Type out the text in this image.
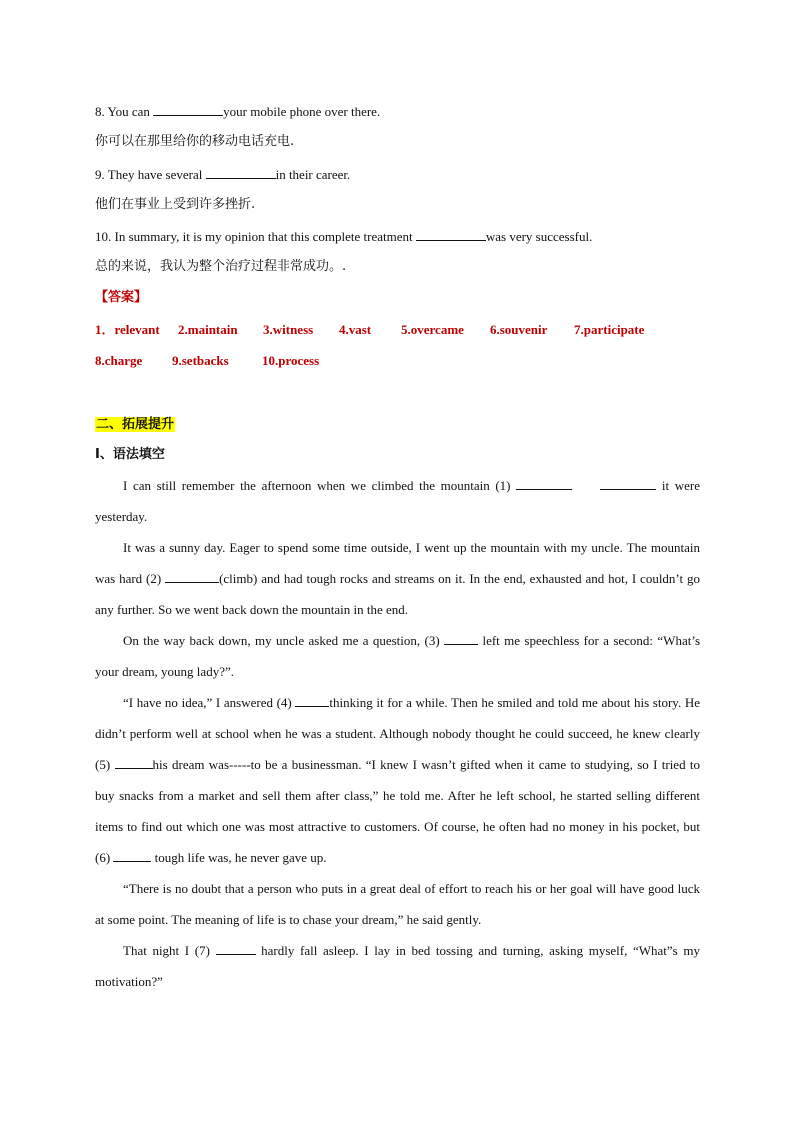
8. You can	your mobile phone over there.
你可以在那里给你的移动电话充电.
9. They have several	in their career.
他们在事业上受到许多挫折.
10. In summary, it is my opinion that this complete treatment	was very successful.
总的来说，我认为整个治疗过程非常成功。.
【答案】
1．relevant 2.maintain 3.witness 4.vast 5.overcame 6.souvenir 7.participate
8.charge 9.setbacks	10.process
二、拓展提升
I、语法填空

I can still remember the afternoon when we climbed the mountain (1)	it were yesterday.

It was a sunny day. Eager to spend some time outside, I went up the mountain with my uncle. The mountain was hard (2)	(climb) and had tough rocks and streams on it. In the end, exhausted and hot, I couldn’t go any further. So we went back down the mountain in the end.

On the way back down, my uncle asked me a question, (3)	left me speechless for a second: “What’s your dream, young lady?”.

“I have no idea,” I answered (4)	thinking it for a while. Then he smiled and told me about his story. He didn’t perform well at school when he was a student. Although nobody thought he could succeed, he knew clearly (5)	his dream was-----to be a businessman. “I knew I wasn’t gifted when it came to studying, so I tried to buy snacks from a market and sell them after class,” he told me. After he left school, he started selling different items to find out which one was most attractive to customers. Of course, he often had no money in his pocket, but (6)	tough life was, he never gave up.

“There is no doubt that a person who puts in a great deal of effort to reach his or her goal will have good luck at some point. The meaning of life is to chase your dream,” he said gently.

That night I (7)	hardly fall asleep. I lay in bed tossing and turning, asking myself, “What”s my motivation?”
